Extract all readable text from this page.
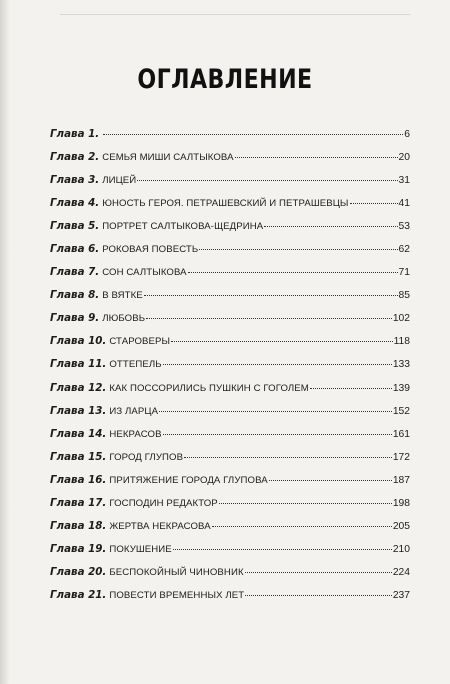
ОГЛАВЛЕНИЕ
Глава 1.	6
Глава 2. СЕМЬЯ МИШИ САЛТЫКОВА	20
Глава 3. ЛИЦЕЙ	31
Глава 4. ЮНОСТЬ ГЕРОЯ. ПЕТРАШЕВСКИЙ И ПЕТРАШЕВЦЫ	41
Глава 5. ПОРТРЕТ САЛТЫКОВА-ЩЕДРИНА	53
Глава 6. РОКОВАЯ ПОВЕСТЬ	62
Глава 7. СОН САЛТЫКОВА	71
Глава 8. В ВЯТКЕ	85
Глава 9. ЛЮБОВЬ	102
Глава 10. СТАРОВЕРЫ	118
Глава 11. ОТТЕПЕЛЬ	133
Глава 12. КАК ПОССОРИЛИСЬ ПУШКИН С ГОГОЛЕМ	139
Глава 13. ИЗ ЛАРЦА	152
Глава 14. НЕКРАСОВ	161
Глава 15. ГОРОД ГЛУПОВ	172
Глава 16. ПРИТЯЖЕНИЕ ГОРОДА ГЛУПОВА	187
Глава 17. ГОСПОДИН РЕДАКТОР	198
Глава 18. ЖЕРТВА НЕКРАСОВА	205
Глава 19. ПОКУШЕНИЕ	210
Глава 20. БЕСПОКОЙНЫЙ ЧИНОВНИК	224
Глава 21. ПОВЕСТИ ВРЕМЕННЫХ ЛЕТ	237
